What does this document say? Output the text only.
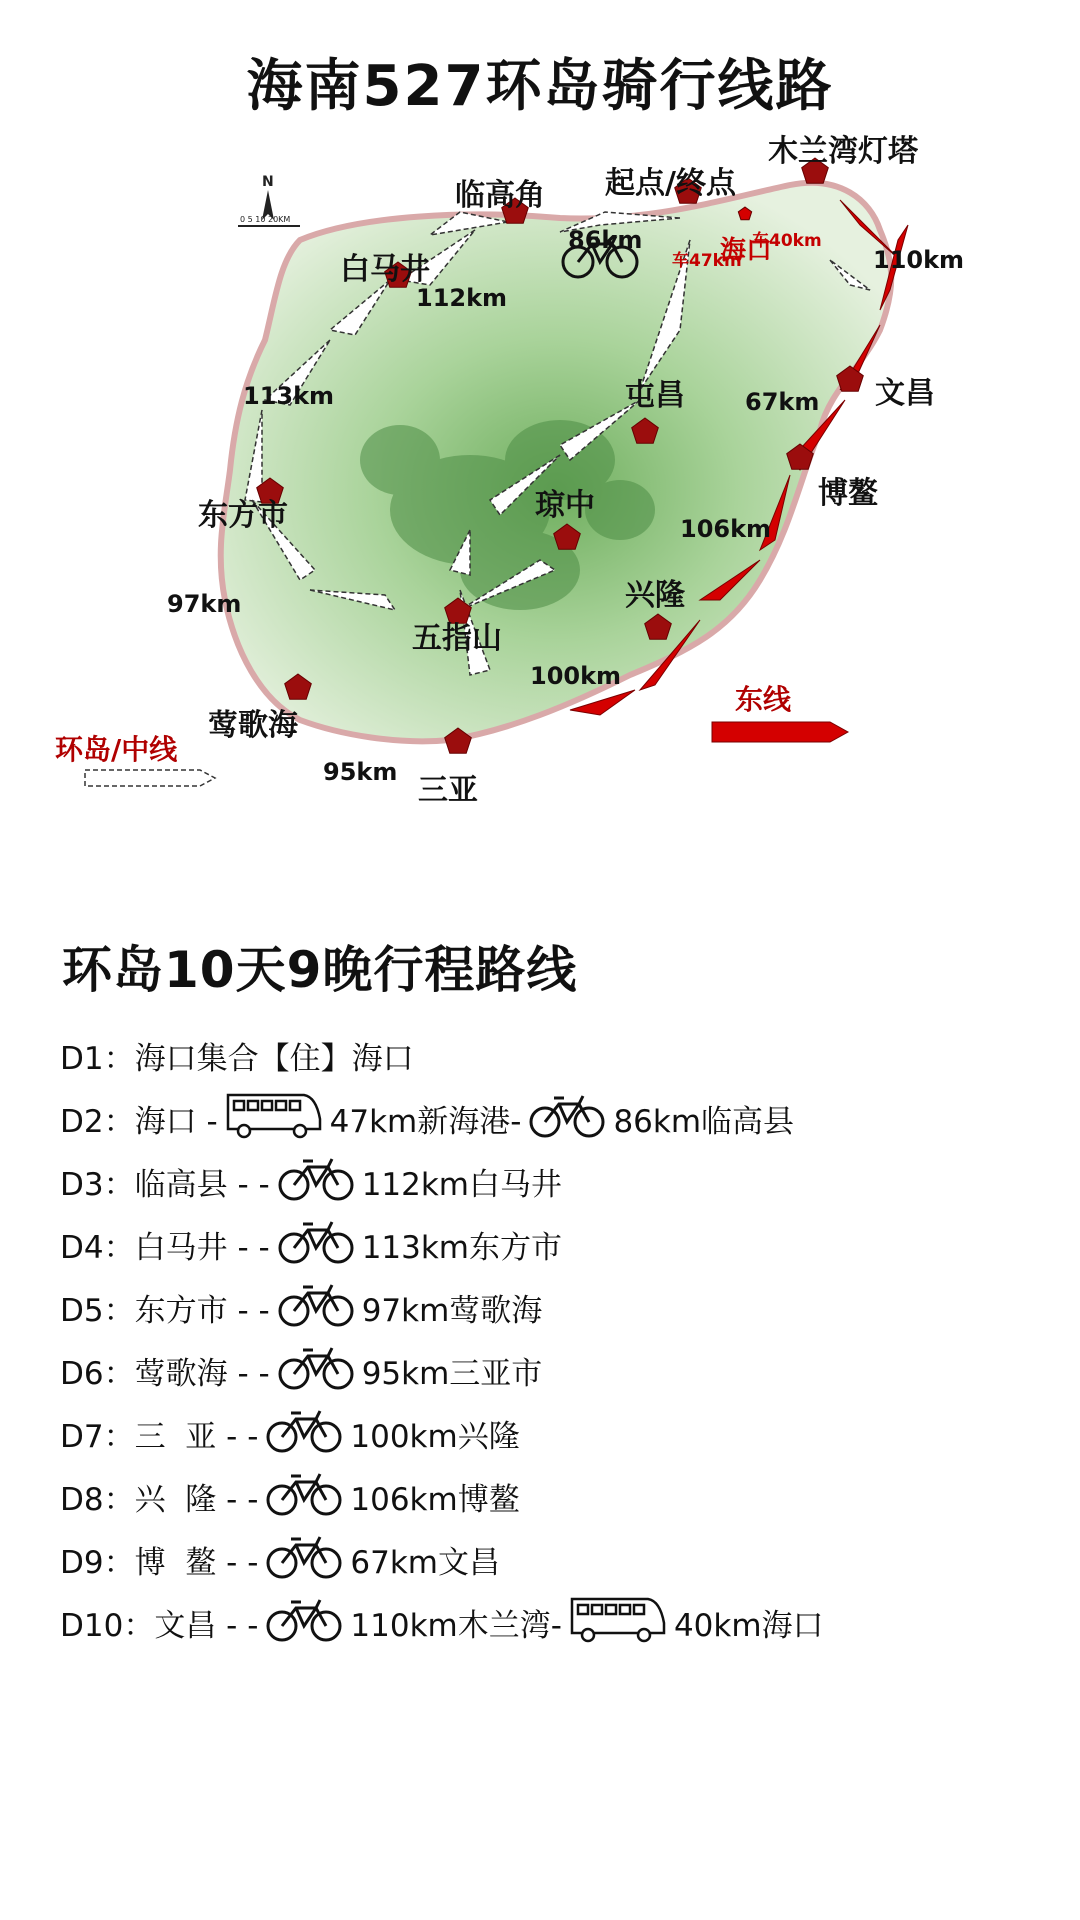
海南527环岛骑行线路
N
0 5 10 20KM
木兰湾灯塔
起点/终点
海口
临高角
白马井
屯昌	文昌
博鳌
东方市	琼中
兴隆
五指山
莺歌海
三亚
86km
112km
113km
97km
95km
100km
106km
67km
110km
车47km
车40km
环岛/中线
东线
环岛10天9晚行程路线
D1： 海口集合【住】海口
D2： 海口 -	47km新海港-	86km临高县
D3： 临高县 - -	112km白马井
D4： 白马井 - -	113km东方市
D5： 东方市 - -	97km莺歌海
D6： 莺歌海 - -	95km三亚市
D7： 三  亚 - -	100km兴隆
D8： 兴  隆 - -	106km博鳌
D9： 博  鳌 - -	67km文昌
D10： 文昌 - -	110km木兰湾-	40km海口
